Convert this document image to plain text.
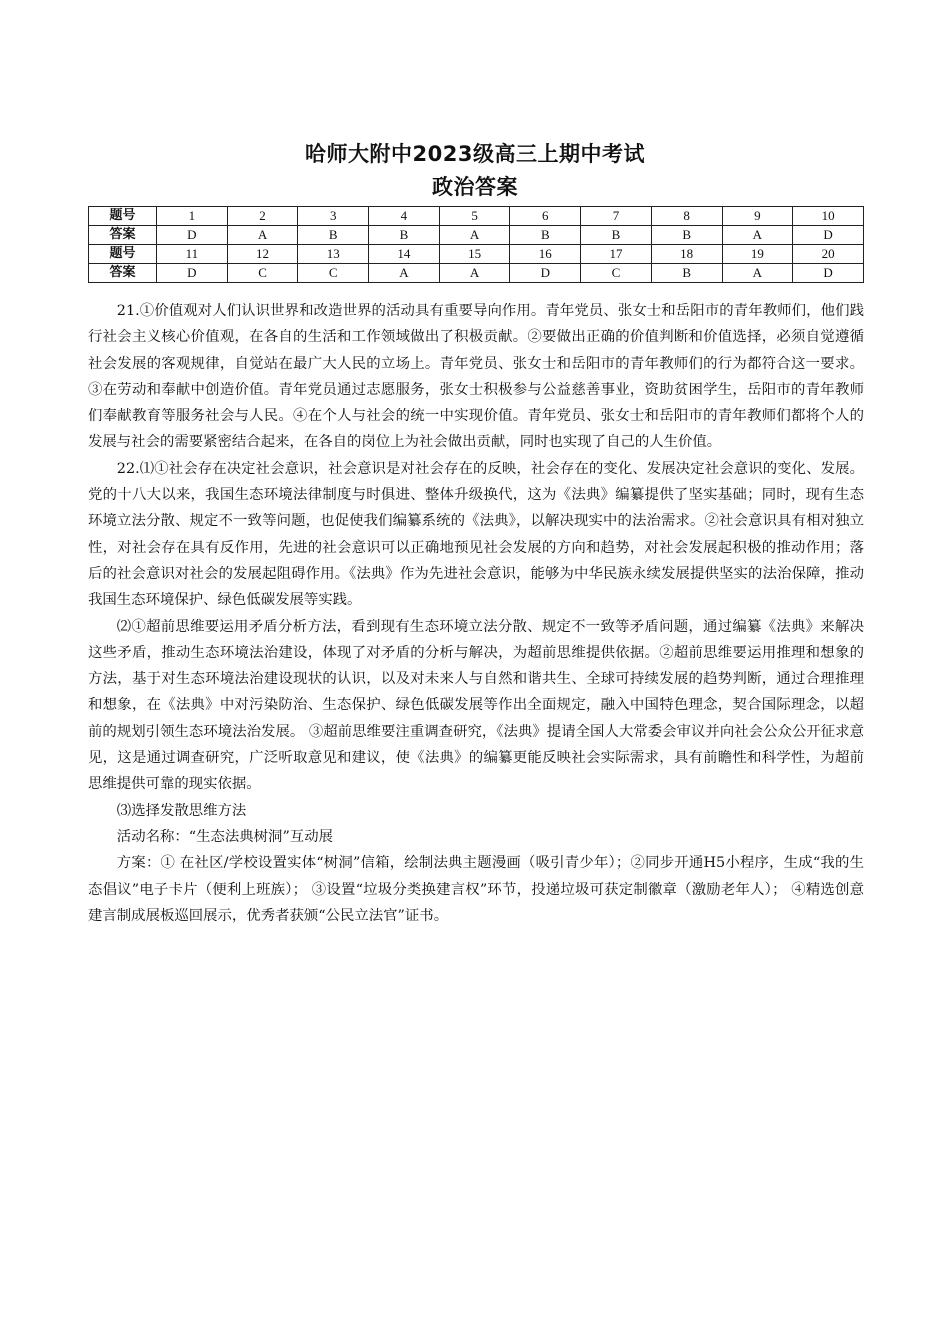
哈师大附中2023级高三上期中考试
政治答案
题号	1	2	3	4	5	6	7	8	9	10
答案	D	A	B	B	A	B	B	B	A	D
题号	11	12	13	14	15	16	17	18	19	20
答案	D	C	C	A	A	D	C	B	A	D

21.①价值观对人们认识世界和改造世界的活动具有重要导向作用。青年党员、张女士和岳阳市的青年教师们，他们践行社会主义核心价值观，在各自的生活和工作领域做出了积极贡献。②要做出正确的价值判断和价值选择，必须自觉遵循社会发展的客观规律，自觉站在最广大人民的立场上。青年党员、张女士和岳阳市的青年教师们的行为都符合这一要求。③在劳动和奉献中创造价值。青年党员通过志愿服务，张女士积极参与公益慈善事业，资助贫困学生，岳阳市的青年教师们奉献教育等服务社会与人民。④在个人与社会的统一中实现价值。青年党员、张女士和岳阳市的青年教师们都将个人的发展与社会的需要紧密结合起来，在各自的岗位上为社会做出贡献，同时也实现了自己的人生价值。

22.⑴①社会存在决定社会意识，社会意识是对社会存在的反映，社会存在的变化、发展决定社会意识的变化、发展。党的十八大以来，我国生态环境法律制度与时俱进、整体升级换代，这为《法典》编纂提供了坚实基础；同时，现有生态环境立法分散、规定不一致等问题，也促使我们编纂系统的《法典》，以解决现实中的法治需求。②社会意识具有相对独立性，对社会存在具有反作用，先进的社会意识可以正确地预见社会发展的方向和趋势，对社会发展起积极的推动作用；落后的社会意识对社会的发展起阻碍作用。《法典》作为先进社会意识，能够为中华民族永续发展提供坚实的法治保障，推动我国生态环境保护、绿色低碳发展等实践。

⑵①超前思维要运用矛盾分析方法，看到现有生态环境立法分散、规定不一致等矛盾问题，通过编纂《法典》来解决这些矛盾，推动生态环境法治建设，体现了对矛盾的分析与解决，为超前思维提供依据。②超前思维要运用推理和想象的方法，基于对生态环境法治建设现状的认识，以及对未来人与自然和谐共生、全球可持续发展的趋势判断，通过合理推理和想象，在《法典》中对污染防治、生态保护、绿色低碳发展等作出全面规定，融入中国特色理念，契合国际理念，以超前的规划引领生态环境法治发展。 ③超前思维要注重调查研究，《法典》提请全国人大常委会审议并向社会公众公开征求意见，这是通过调查研究，广泛听取意见和建议，使《法典》的编纂更能反映社会实际需求，具有前瞻性和科学性，为超前思维提供可靠的现实依据。

⑶选择发散思维方法

活动名称：“生态法典树洞”互动展

方案：① 在社区/学校设置实体“树洞”信箱，绘制法典主题漫画（吸引青少年）；②同步开通H5小程序，生成“我的生态倡议”电子卡片（便利上班族）； ③设置“垃圾分类换建言权”环节，投递垃圾可获定制徽章（激励老年人）； ④精选创意建言制成展板巡回展示，优秀者获颁“公民立法官”证书。
